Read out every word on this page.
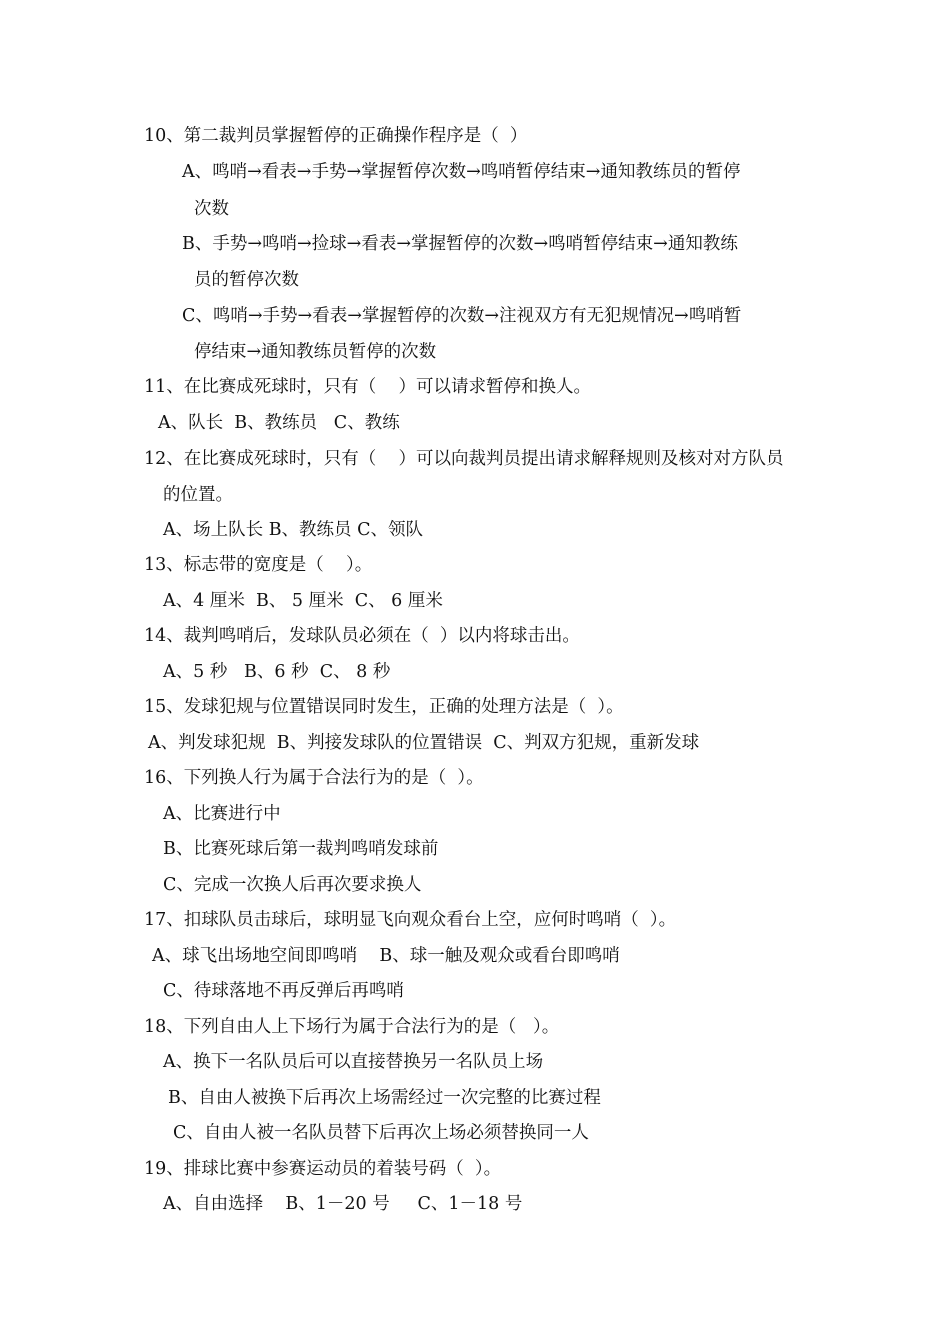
10、第二裁判员掌握暂停的正确操作程序是（  ）
A、鸣哨→看表→手势→掌握暂停次数→鸣哨暂停结束→通知教练员的暂停
次数
B、手势→鸣哨→捡球→看表→掌握暂停的次数→鸣哨暂停结束→通知教练
员的暂停次数
C、鸣哨→手势→看表→掌握暂停的次数→注视双方有无犯规情况→鸣哨暂
停结束→通知教练员暂停的次数
11、在比赛成死球时，只有（    ）可以请求暂停和换人。
A、队长  B、教练员   C、教练
12、在比赛成死球时，只有（    ）可以向裁判员提出请求解释规则及核对对方队员
的位置。
A、场上队长 B、教练员 C、领队
13、标志带的宽度是（    ）。
A、4 厘米  B、 5 厘米  C、 6 厘米
14、裁判鸣哨后，发球队员必须在（  ）以内将球击出。
A、5 秒   B、6 秒  C、 8 秒
15、发球犯规与位置错误同时发生，正确的处理方法是（  ）。
A、判发球犯规  B、判接发球队的位置错误  C、判双方犯规，重新发球
16、下列换人行为属于合法行为的是（  ）。
A、比赛进行中
B、比赛死球后第一裁判鸣哨发球前
C、完成一次换人后再次要求换人
17、扣球队员击球后，球明显飞向观众看台上空，应何时鸣哨（  ）。
A、球飞出场地空间即鸣哨    B、球一触及观众或看台即鸣哨
C、待球落地不再反弹后再鸣哨
18、下列自由人上下场行为属于合法行为的是（   ）。
A、换下一名队员后可以直接替换另一名队员上场
B、自由人被换下后再次上场需经过一次完整的比赛过程
C、自由人被一名队员替下后再次上场必须替换同一人
19、排球比赛中参赛运动员的着装号码（  ）。
A、自由选择    B、1－20 号     C、1－18 号
